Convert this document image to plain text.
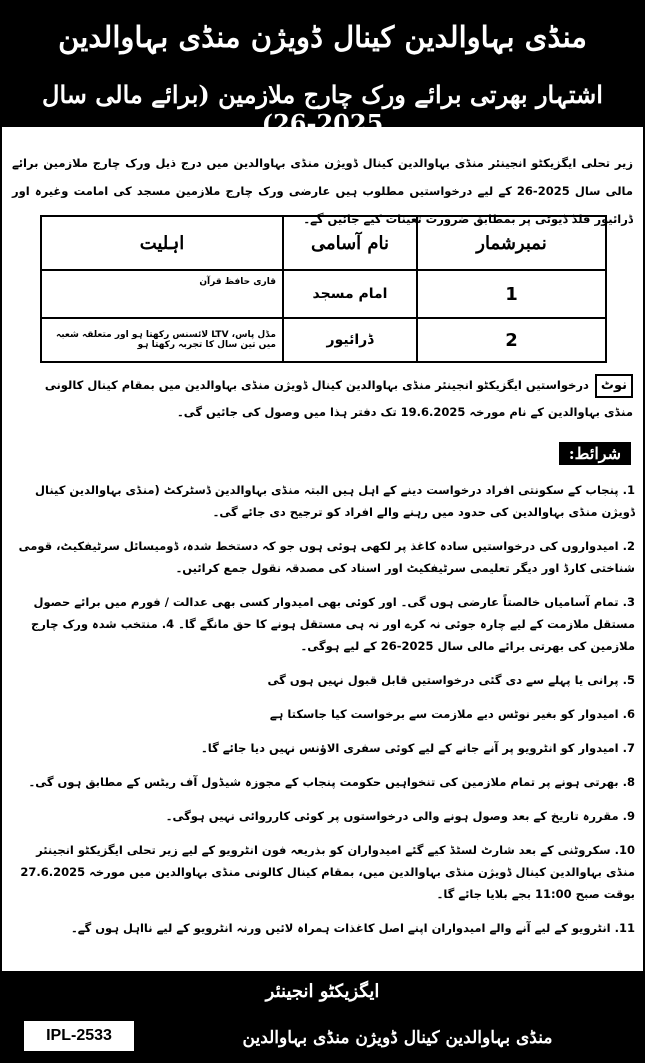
منڈی بہاوالدین کینال ڈویژن منڈی بہاوالدین
اشتہار بھرتی برائے ورک چارج ملازمین (برائے مالی سال 2025-26)
زیر تحلی ایگزیکٹو انجینئر منڈی بہاوالدین کینال ڈویژن منڈی بہاوالدین میں درج ذیل ورک چارج ملازمین برائے مالی سال 2025-26 کے لیے درخواستیں مطلوب ہیں عارضی ورک چارج ملازمین مسجد کی امامت وغیرہ اور ڈرائیور فلڈ ڈیوٹی پر بمطابق ضرورت تعینات کیے جائیں گے۔
نمبرشمار	نام آسامی	اہلیت
1	امام مسجد	قاری حافظ قرآن
2	ڈرائیور	مڈل پاس، LTV لائسنس رکھتا ہو اور متعلقہ شعبہ میں تین سال کا تجربہ رکھتا ہو
نوٹدرخواستیں ایگزیکٹو انجینئر منڈی بہاوالدین کینال ڈویژن منڈی بہاوالدین میں بمقام کینال کالونی منڈی بہاوالدین کے نام مورخہ 19.6.2025 تک دفتر ہذا میں وصول کی جائیں گی۔
شرائط:
1. پنجاب کے سکونتی افراد درخواست دینے کے اہل ہیں البتہ منڈی بہاوالدین ڈسٹرکٹ (منڈی بہاوالدین کینال ڈویژن منڈی بہاوالدین کی حدود میں رہنے والے افراد کو ترجیح دی جائے گی۔
2. امیدواروں کی درخواستیں سادہ کاغذ پر لکھی ہوئی ہوں جو کہ دستخط شدہ، ڈومیسائل سرٹیفکیٹ، قومی شناختی کارڈ اور دیگر تعلیمی سرٹیفکیٹ اور اسناد کی مصدقہ نقول جمع کرائیں۔
3. تمام آسامیاں خالصتاً عارضی ہوں گی۔ اور کوئی بھی امیدوار کسی بھی عدالت / فورم میں برائے حصول مستقل ملازمت کے لیے چارہ جوئی نہ کرے اور نہ ہی مستقل ہونے کا حق مانگے گا۔ 4. منتخب شدہ ورک چارج ملازمین کی بھرتی برائے مالی سال 2025-26 کے لیے ہوگی۔
5. پرانی یا پہلے سے دی گئی درخواستیں قابل قبول نہیں ہوں گی
6. امیدوار کو بغیر نوٹس دیے ملازمت سے برخواست کیا جاسکتا ہے
7. امیدوار کو انٹرویو پر آنے جانے کے لیے کوئی سفری الاؤنس نہیں دیا جائے گا۔
8. بھرتی ہونے پر تمام ملازمین کی تنخواہیں حکومت پنجاب کے مجوزہ شیڈول آف ریٹس کے مطابق ہوں گی۔
9. مقررہ تاریخ کے بعد وصول ہونے والی درخواستوں پر کوئی کارروائی نہیں ہوگی۔
10. سکروٹنی کے بعد شارٹ لسٹڈ کیے گئے امیدواران کو بذریعہ فون انٹرویو کے لیے زیر تحلی ایگزیکٹو انجینئر منڈی بہاوالدین کینال ڈویژن منڈی بہاوالدین میں، بمقام کینال کالونی منڈی بہاوالدین میں مورخہ 27.6.2025 بوقت صبح 11:00 بجے بلایا جائے گا۔
11. انٹرویو کے لیے آنے والے امیدواران اپنے اصل کاغذات ہمراہ لائیں ورنہ انٹرویو کے لیے نااہل ہوں گے۔
ایگزیکٹو انجینئر
IPL-2533	منڈی بہاوالدین کینال ڈویژن منڈی بہاوالدین
